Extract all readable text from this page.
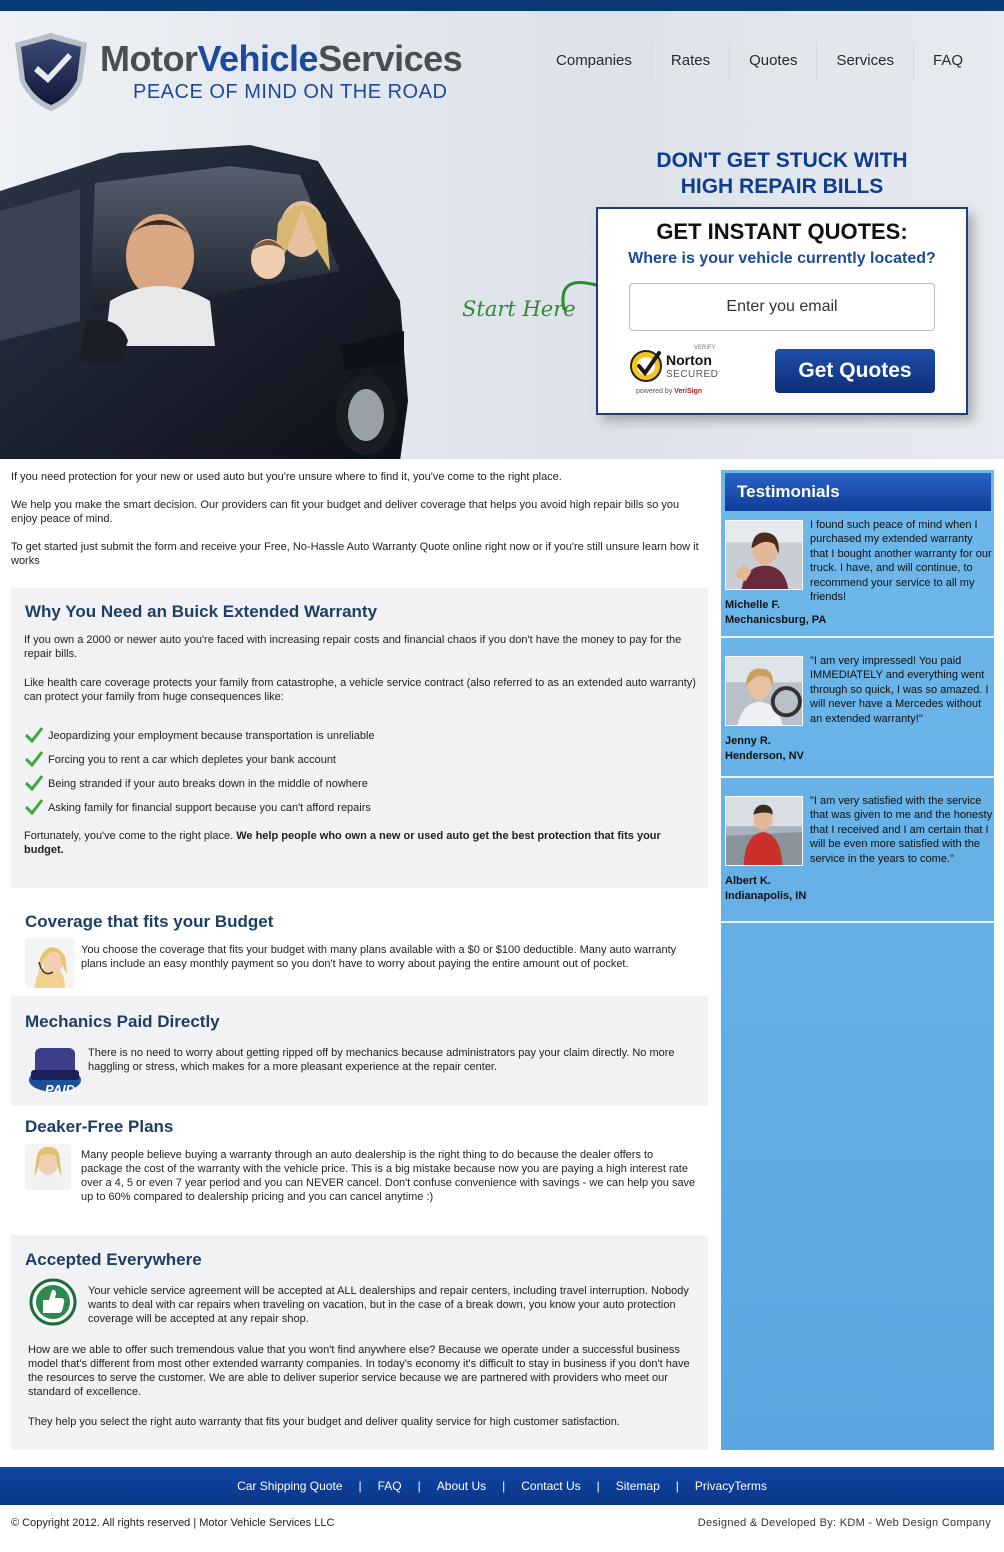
MotorVehicleServices
PEACE OF MIND ON THE ROAD
Companies	Rates	Quotes	Services	FAQ
DON'T GET STUCK WITH
HIGH REPAIR BILLS
Start Here
GET INSTANT QUOTES:
Where is your vehicle currently located?
Enter you email
VERIFY
Norton
SECURED
powered by VeriSign
Get Quotes

If you need protection for your new or used auto but you're unsure where to find it, you've come to the right place.

We help you make the smart decision. Our providers can fit your budget and deliver coverage that helps you avoid high repair bills so you enjoy peace of mind.

To get started just submit the form and receive your Free, No-Hassle Auto Warranty Quote online right now or if you're still unsure learn how it works

Why You Need an Buick Extended Warranty

If you own a 2000 or newer auto you're faced with increasing repair costs and financial chaos if you don't have the money to pay for the repair bills.

Like health care coverage protects your family from catastrophe, a vehicle service contract (also referred to as an extended auto warranty) can protect your family from huge consequences like:

Jeopardizing your employment because transportation is unreliable
Forcing you to rent a car which depletes your bank account
Being stranded if your auto breaks down in the middle of nowhere
Asking family for financial support because you can't afford repairs

Fortunately, you've come to the right place. We help people who own a new or used auto get the best protection that fits your budget.

Coverage that fits your Budget

You choose the coverage that fits your budget with many plans available with a $0 or $100 deductible. Many auto warranty plans include an easy monthly payment so you don't have to worry about paying the entire amount out of pocket.

Mechanics Paid Directly
PAID

There is no need to worry about getting ripped off by mechanics because administrators pay your claim directly. No more haggling or stress, which makes for a more pleasant experience at the repair center.

Deaker-Free Plans

Many people believe buying a warranty through an auto dealership is the right thing to do because the dealer offers to package the cost of the warranty with the vehicle price. This is a big mistake because now you are paying a high interest rate over a 4, 5 or even 7 year period and you can NEVER cancel. Don't confuse convenience with savings - we can help you save up to 60% compared to dealership pricing and you can cancel anytime :)

Accepted Everywhere

Your vehicle service agreement will be accepted at ALL dealerships and repair centers, including travel interruption. Nobody wants to deal with car repairs when traveling on vacation, but in the case of a break down, you know your auto protection coverage will be accepted at any repair shop.

How are we able to offer such tremendous value that you won't find anywhere else? Because we operate under a successful business model that's different from most other extended warranty companies. In today's economy it's difficult to stay in business if you don't have the resources to serve the customer. We are able to deliver superior service because we are partnered with providers who meet our standard of excellence.

They help you select the right auto warranty that fits your budget and deliver quality service for high customer satisfaction.

Testimonials

I found such peace of mind when I purchased my extended warranty that I bought another warranty for our truck. I have, and will continue, to recommend your service to all my friends!

Michelle F.
Mechanicsburg, PA

"I am very impressed! You paid IMMEDIATELY and everything went through so quick, I was so amazed. I will never have a Mercedes without an extended warranty!"

Jenny R.
Henderson, NV

"I am very satisfied with the service that was given to me and the honesty that I received and I am certain that I will be even more satisfied with the service in the years to come."

Albert K.
Indianapolis, IN
Car Shipping Quote	|	FAQ	|	About Us	|	Contact Us	|	Sitemap	|	PrivacyTerms
© Copyright 2012. All rights reserved | Motor Vehicle Services LLC	Designed & Developed By: KDM - Web Design Company
